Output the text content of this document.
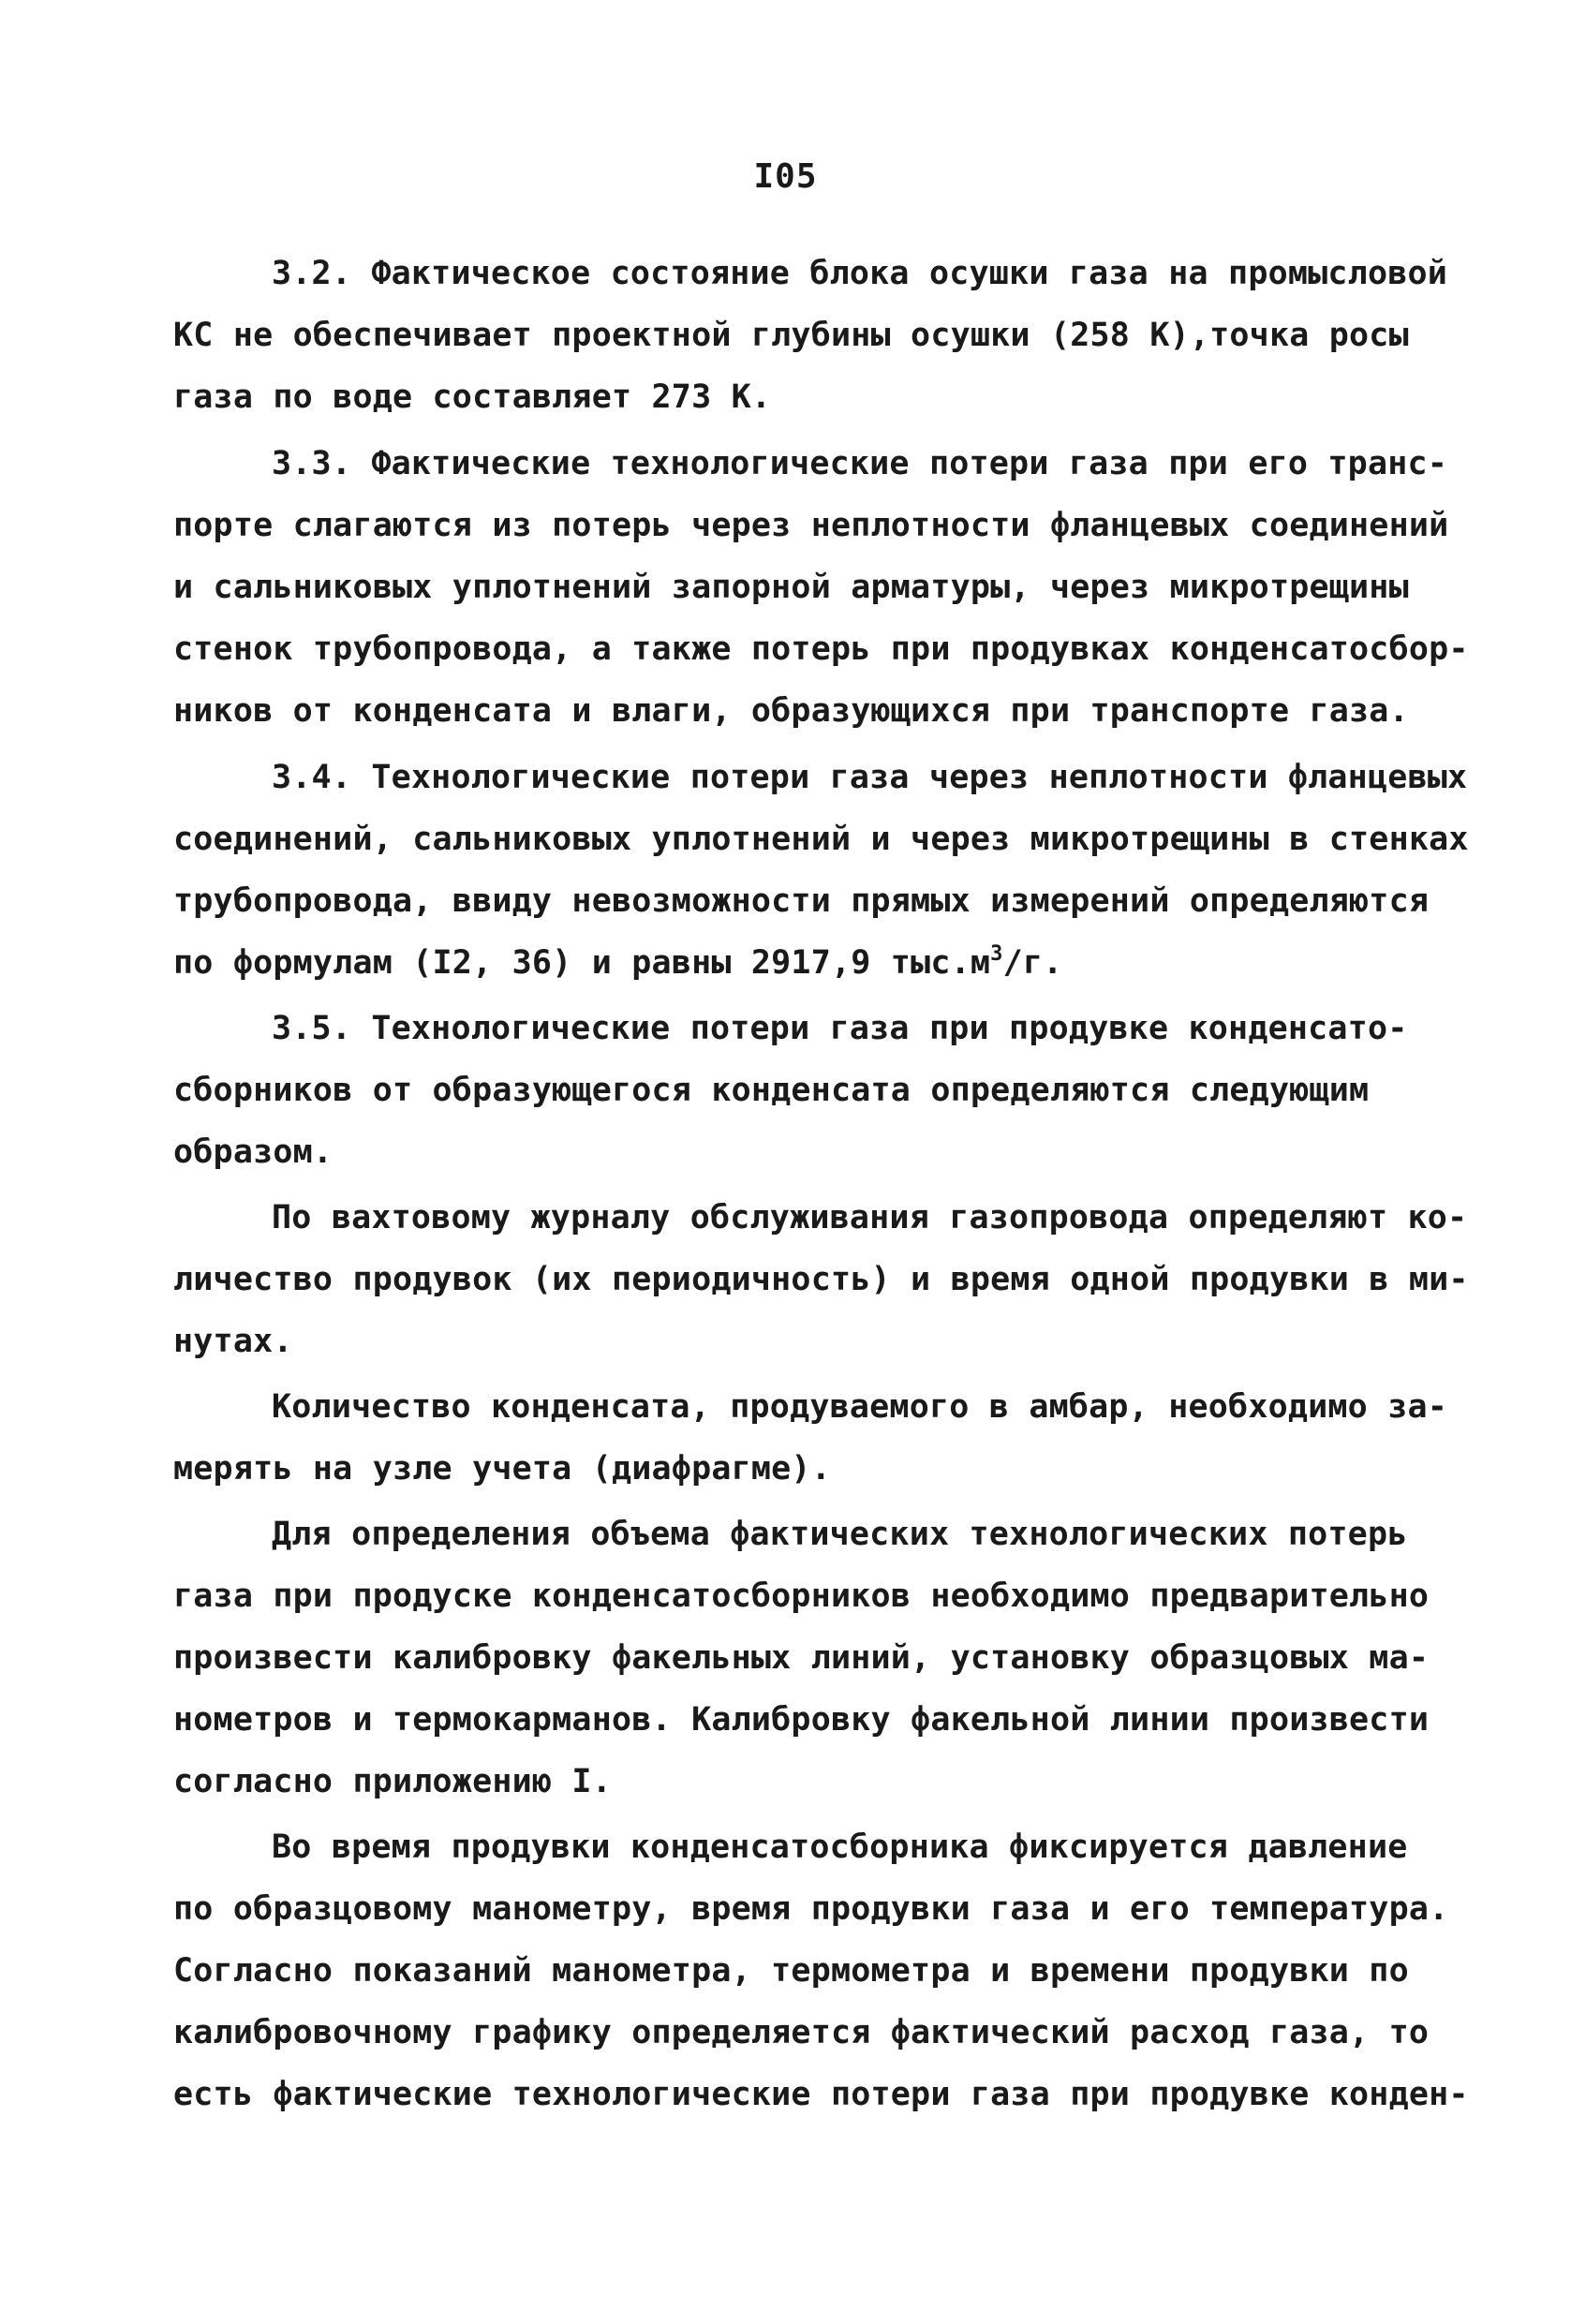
I05
3.2. Фактическое состояние блока осушки газа на промысловой
КС не обеспечивает проектной глубины осушки (258 К),точка росы
газа по воде составляет 273 К.
3.3. Фактические технологические потери газа при его транс-
порте слагаются из потерь через неплотности фланцевых соединений
и сальниковых уплотнений запорной арматуры, через микротрещины
стенок трубопровода, а также потерь при продувках конденсатосбор-
ников от конденсата и влаги, образующихся при транспорте газа.
3.4. Технологические потери газа через неплотности фланцевых
соединений, сальниковых уплотнений и через микротрещины в стенках
трубопровода, ввиду невозможности прямых измерений определяются
по формулам (I2, 36) и равны 2917,9 $тыс.м^3/г$.
3.5. Технологические потери газа при продувке конденсато-
сборников от образующегося конденсата определяются следующим
образом.
По вахтовому журналу обслуживания газопровода определяют ко-
личество продувок (их периодичность) и время одной продувки в ми-
нутах.
Количество конденсата, продуваемого в амбар, необходимо за-
мерять на узле учета (диафрагме).
Для определения объема фактических технологических потерь
газа при продуске конденсатосборников необходимо предварительно
произвести калибровку факельных линий, установку образцовых ма-
нометров и термокарманов. Калибровку факельной линии произвести
согласно приложению I.
Во время продувки конденсатосборника фиксируется давление
по образцовому манометру, время продувки газа и его температура.
Согласно показаний манометра, термометра и времени продувки по
калибровочному графику определяется фактический расход газа, то
есть фактические технологические потери газа при продувке конден-
